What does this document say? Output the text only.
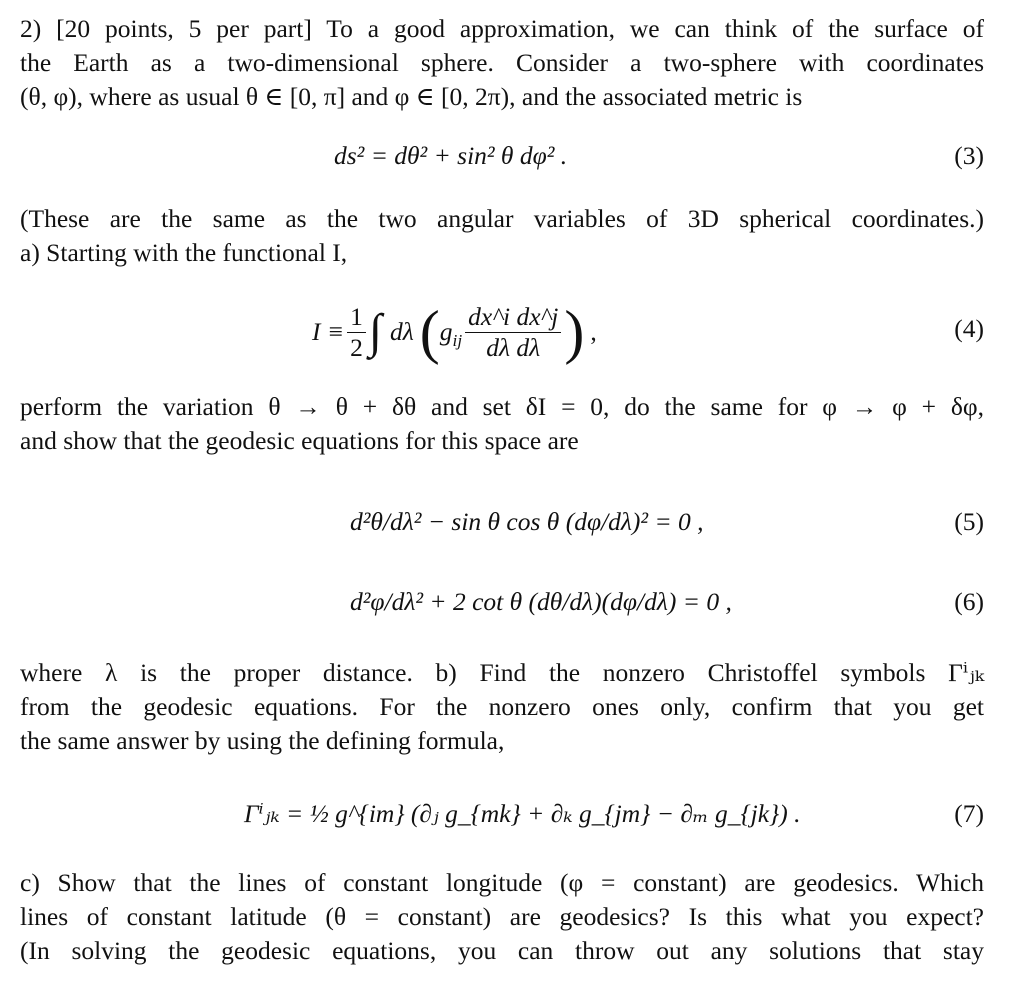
2) [20 points, 5 per part] To a good approximation, we can think of the surface of
the Earth as a two-dimensional sphere. Consider a two-sphere with coordinates
(θ, φ), where as usual θ ∈ [0, π] and φ ∈ [0, 2π), and the associated metric is
ds² = dθ² + sin² θ dφ² .	(3)
(These are the same as the two angular variables of 3D spherical coordinates.)
a) Starting with the functional I,
$I \equiv \frac{1}{2}$ ∫ dλ ( $g_{ij} \frac{\text{dx\textasciicircum{}i dx\textasciicircum{}j}}{\text{dλ dλ}}$ ) ,	(4)
perform the variation θ → θ + δθ and set δI = 0, do the same for φ → φ + δφ,
and show that the geodesic equations for this space are
d²θ/dλ² − sin θ cos θ (dφ/dλ)² = 0 ,	(5)
d²φ/dλ² + 2 cot θ (dθ/dλ)(dφ/dλ) = 0 ,	(6)
where λ is the proper distance. b) Find the nonzero Christoffel symbols Γⁱⱼₖ
from the geodesic equations. For the nonzero ones only, confirm that you get
the same answer by using the defining formula,
Γⁱⱼₖ = ½ g^{im} (∂ⱼ g_{mk} + ∂ₖ g_{jm} − ∂ₘ g_{jk}) .	(7)
c) Show that the lines of constant longitude (φ = constant) are geodesics. Which
lines of constant latitude (θ = constant) are geodesics? Is this what you expect?
(In solving the geodesic equations, you can throw out any solutions that stay
